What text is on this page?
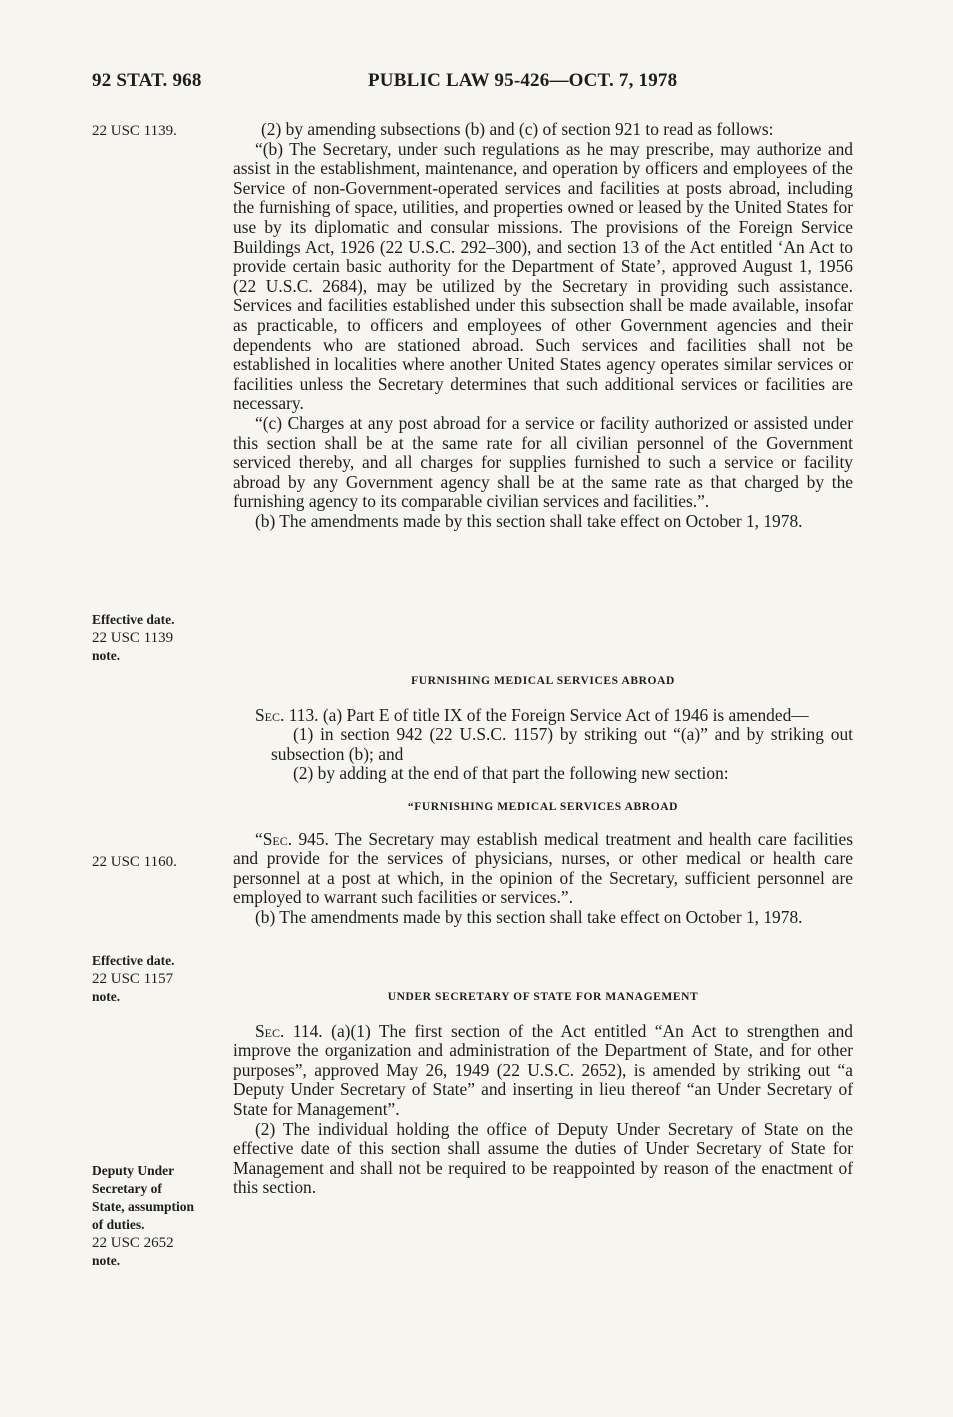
92 STAT. 968	PUBLIC LAW 95-426—OCT. 7, 1978
22 USC 1139.
Effective date.
22 USC 1139
note.
22 USC 1160.
Effective date.
22 USC 1157
note.
Deputy Under
Secretary of
State, assumption
of duties.
22 USC 2652
note.

(2) by amending subsections (b) and (c) of section 921 to read as follows:

“(b) The Secretary, under such regulations as he may prescribe, may authorize and assist in the establishment, maintenance, and operation by officers and employees of the Service of non-Government-operated services and facilities at posts abroad, including the furnishing of space, utilities, and properties owned or leased by the United States for use by its diplomatic and consular missions. The provisions of the Foreign Service Buildings Act, 1926 (22 U.S.C. 292–300), and section 13 of the Act entitled ‘An Act to provide certain basic authority for the Department of State’, approved August 1, 1956 (22 U.S.C. 2684), may be utilized by the Secretary in providing such assistance. Services and facilities established under this subsection shall be made available, insofar as practicable, to officers and employees of other Government agencies and their dependents who are stationed abroad. Such services and facilities shall not be established in localities where another United States agency operates similar services or facilities unless the Secretary determines that such additional services or facilities are necessary.

“(c) Charges at any post abroad for a service or facility authorized or assisted under this section shall be at the same rate for all civilian personnel of the Government serviced thereby, and all charges for supplies furnished to such a service or facility abroad by any Government agency shall be at the same rate as that charged by the furnishing agency to its comparable civilian services and facilities.”.

(b) The amendments made by this section shall take effect on October 1, 1978.

FURNISHING MEDICAL SERVICES ABROAD

Sec. 113. (a) Part E of title IX of the Foreign Service Act of 1946 is amended—

(1) in section 942 (22 U.S.C. 1157) by striking out “(a)” and by striking out subsection (b); and

(2) by adding at the end of that part the following new section:

“FURNISHING MEDICAL SERVICES ABROAD

“Sec. 945. The Secretary may establish medical treatment and health care facilities and provide for the services of physicians, nurses, or other medical or health care personnel at a post at which, in the opinion of the Secretary, sufficient personnel are employed to warrant such facilities or services.”.

(b) The amendments made by this section shall take effect on October 1, 1978.

UNDER SECRETARY OF STATE FOR MANAGEMENT

Sec. 114. (a)(1) The first section of the Act entitled “An Act to strengthen and improve the organization and administration of the Department of State, and for other purposes”, approved May 26, 1949 (22 U.S.C. 2652), is amended by striking out “a Deputy Under Secretary of State” and inserting in lieu thereof “an Under Secretary of State for Management”.

(2) The individual holding the office of Deputy Under Secretary of State on the effective date of this section shall assume the duties of Under Secretary of State for Management and shall not be required to be reappointed by reason of the enactment of this section.
